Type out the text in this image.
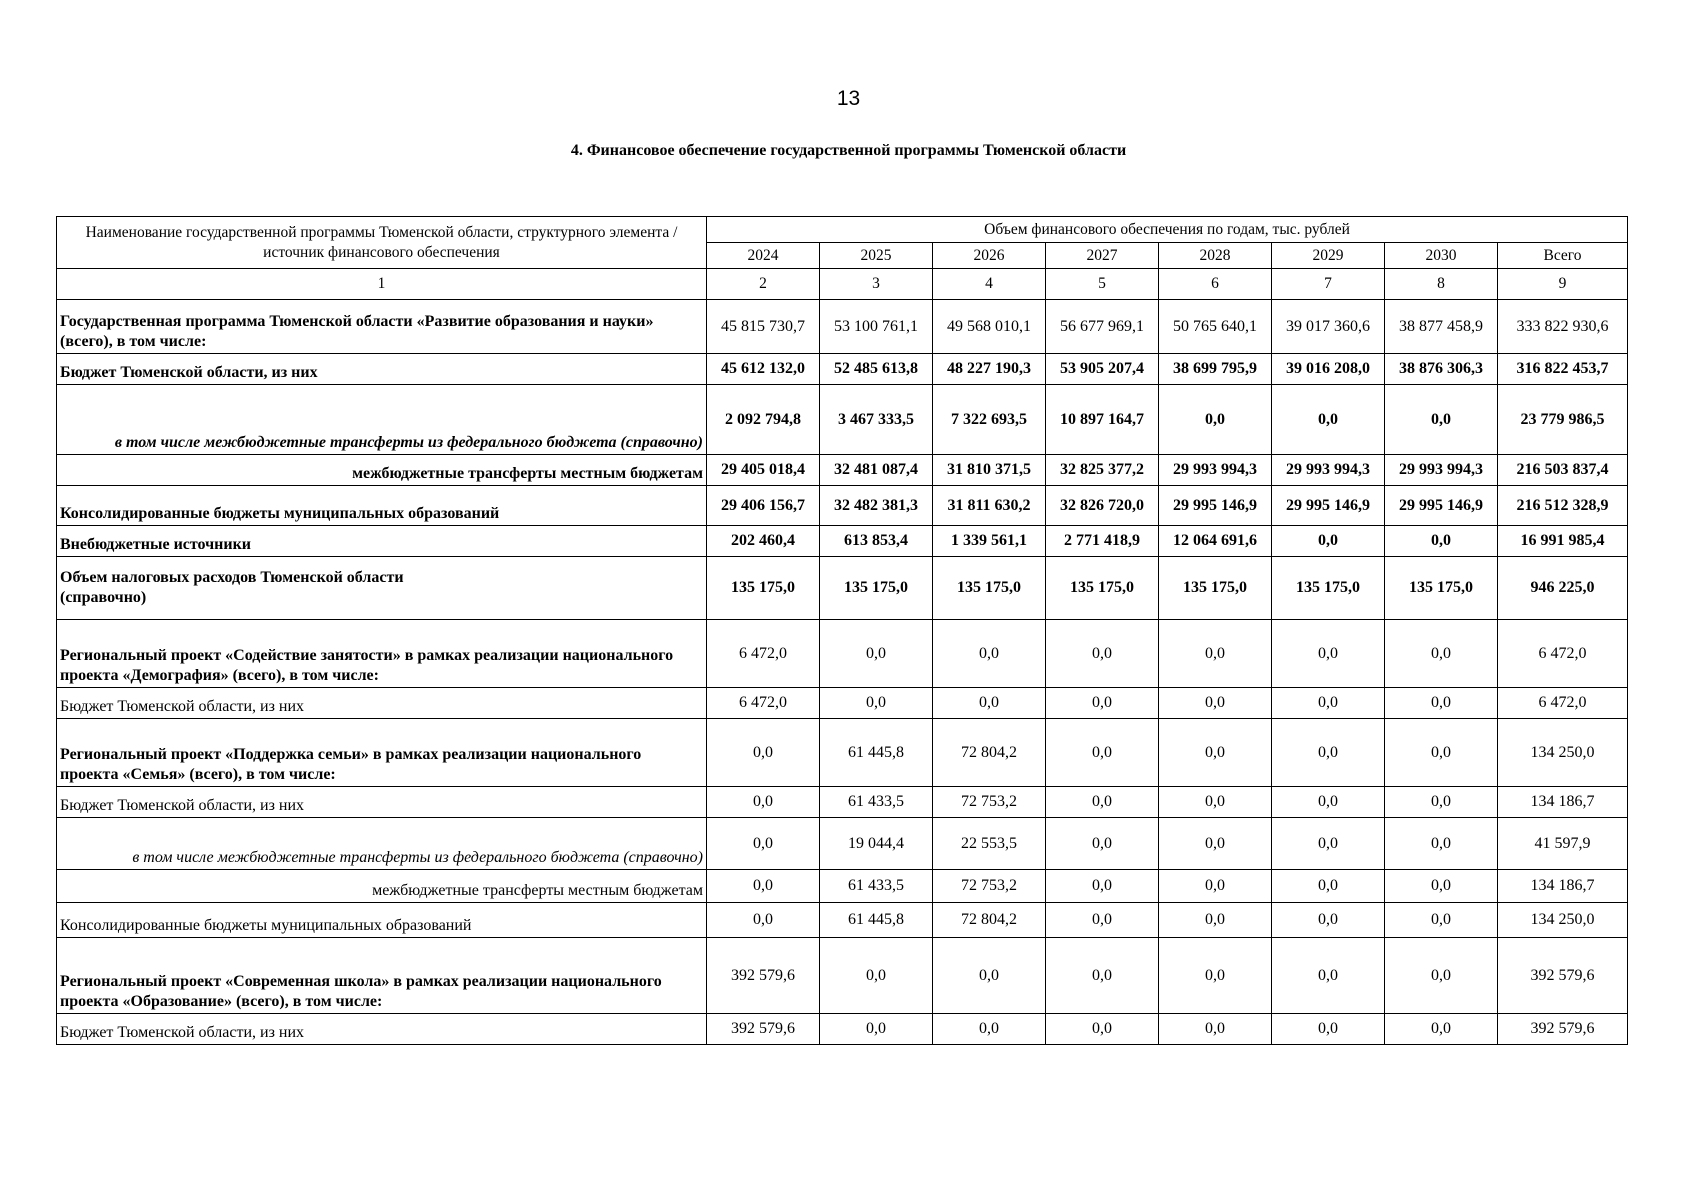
13
4. Финансовое обеспечение государственной программы Тюменской области
Наименование государственной программы Тюменской области, структурного элемента / источник финансового обеспечения	Объем финансового обеспечения по годам, тыс. рублей							
	2024	2025	2026	2027	2028	2029	2030	Всего
1	2	3	4	5	6	7	8	9
Государственная программа Тюменской области «Развитие образования и науки» (всего), в том числе:	45 815 730,7	53 100 761,1	49 568 010,1	56 677 969,1	50 765 640,1	39 017 360,6	38 877 458,9	333 822 930,6
Бюджет Тюменской области, из них	45 612 132,0	52 485 613,8	48 227 190,3	53 905 207,4	38 699 795,9	39 016 208,0	38 876 306,3	316 822 453,7
в том числе межбюджетные трансферты из федерального бюджета (справочно)	2 092 794,8	3 467 333,5	7 322 693,5	10 897 164,7	0,0	0,0	0,0	23 779 986,5
межбюджетные трансферты местным бюджетам	29 405 018,4	32 481 087,4	31 810 371,5	32 825 377,2	29 993 994,3	29 993 994,3	29 993 994,3	216 503 837,4
Консолидированные бюджеты муниципальных образований	29 406 156,7	32 482 381,3	31 811 630,2	32 826 720,0	29 995 146,9	29 995 146,9	29 995 146,9	216 512 328,9
Внебюджетные источники	202 460,4	613 853,4	1 339 561,1	2 771 418,9	12 064 691,6	0,0	0,0	16 991 985,4

Объем налоговых расходов Тюменской области
(справочно)	135 175,0	135 175,0	135 175,0	135 175,0	135 175,0	135 175,0	135 175,0	946 225,0
Региональный проект «Содействие занятости» в рамках реализации национального проекта «Демография» (всего), в том числе:	6 472,0	0,0	0,0	0,0	0,0	0,0	0,0	6 472,0
Бюджет Тюменской области, из них	6 472,0	0,0	0,0	0,0	0,0	0,0	0,0	6 472,0
Региональный проект «Поддержка семьи» в рамках реализации национального проекта «Семья» (всего), в том числе:	0,0	61 445,8	72 804,2	0,0	0,0	0,0	0,0	134 250,0
Бюджет Тюменской области, из них	0,0	61 433,5	72 753,2	0,0	0,0	0,0	0,0	134 186,7
в том числе межбюджетные трансферты из федерального бюджета (справочно)	0,0	19 044,4	22 553,5	0,0	0,0	0,0	0,0	41 597,9
межбюджетные трансферты местным бюджетам	0,0	61 433,5	72 753,2	0,0	0,0	0,0	0,0	134 186,7
Консолидированные бюджеты муниципальных образований	0,0	61 445,8	72 804,2	0,0	0,0	0,0	0,0	134 250,0
Региональный проект «Современная школа» в рамках реализации национального проекта «Образование» (всего), в том числе:	392 579,6	0,0	0,0	0,0	0,0	0,0	0,0	392 579,6
Бюджет Тюменской области, из них	392 579,6	0,0	0,0	0,0	0,0	0,0	0,0	392 579,6
